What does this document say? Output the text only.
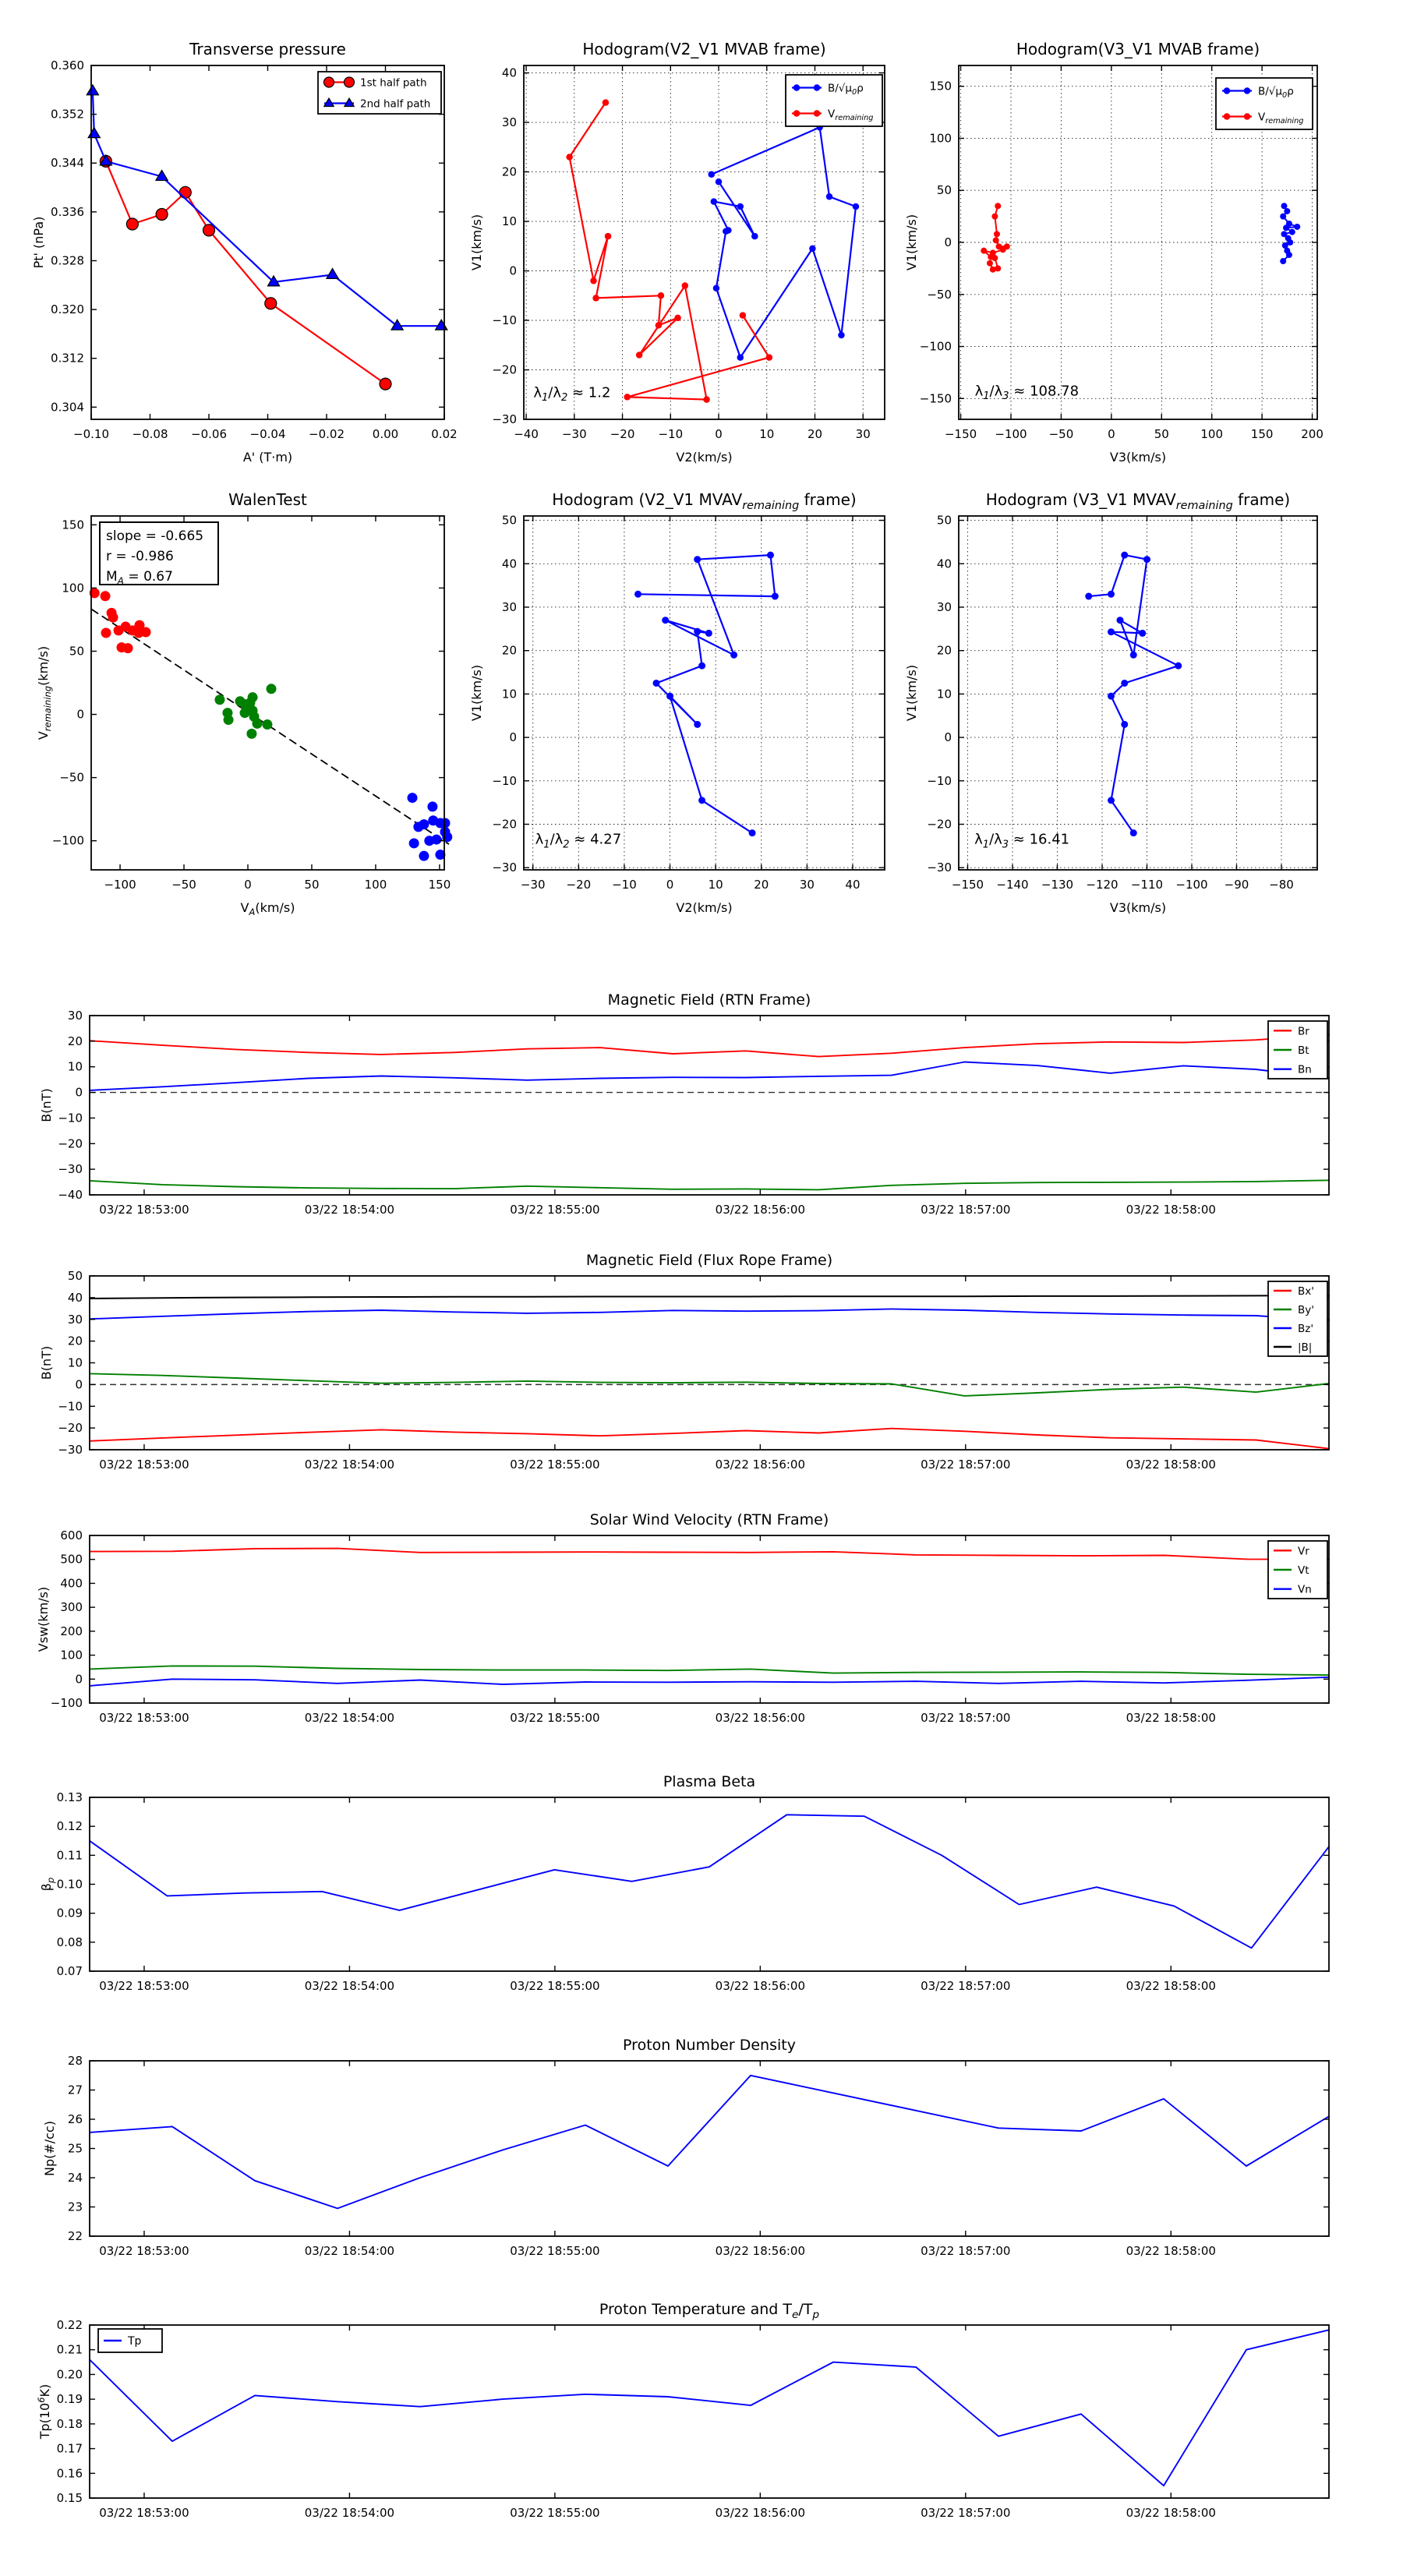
−0.10 −0.08 −0.06 −0.04 −0.02 0.00	0.02
0.304
0.312
0.320
0.328
0.336
0.344
0.352
0.360
Transverse pressure
A' (T·m)
Pt' (nPa)
1st half path
2nd half path
−40 −30 −20 −10	0	10	20	30
−30
−20
−10
0
10
20
30
40
Hodogram(V2_V1 MVAB frame)
V2(km/s)
V1(km/s)
$\lambda_1/\lambda_2 \approx 1.2$
$B/√\mu_0\rho$
$V_{remaining}$
−150 −100 −50	0	50	100 150 200
−150
−100
−50
0
50
100
150
Hodogram(V3_V1 MVAB frame)
V3(km/s)
V1(km/s)
$\lambda_1/\lambda_3 \approx 108.78$
$B/√\mu_0\rho$
$V_{remaining}$
−100	−50	0	50	100	150
−100
−50
0
50
100
150
WalenTest
$V_A(km/s)$
$V_{remaining}(km/s)$
slope = -0.665
r = -0.986
$M_A = 0.67$
−30 −20 −10	0	10	20	30	40
−30
−20
−10
0
10
20
30
40
50
Hodogram (V2_V1 $MVAV_{remaining}$ frame)
V2(km/s)
V1(km/s)
$\lambda_1/\lambda_2 \approx 4.27$
−150 −140 −130 −120 −110 −100 −90 −80
−30
−20
−10
0
10
20
30
40
50
Hodogram (V3_V1 $MVAV_{remaining}$ frame)
V3(km/s)
V1(km/s)
$\lambda_1/\lambda_3 \approx 16.41$
03/22 18:53:00	03/22 18:54:00	03/22 18:55:00	03/22 18:56:00	03/22 18:57:00	03/22 18:58:00
−40
−30
−20
−10
0
10
20
30
Magnetic Field (RTN Frame)
B(nT)
Br
Bt
Bn
03/22 18:53:00	03/22 18:54:00	03/22 18:55:00	03/22 18:56:00	03/22 18:57:00	03/22 18:58:00
−30
−20
−10
0
10
20
30
40
50
Magnetic Field (Flux Rope Frame)
B(nT)
Bx'
By'
Bz'
|B|
03/22 18:53:00	03/22 18:54:00	03/22 18:55:00	03/22 18:56:00	03/22 18:57:00	03/22 18:58:00
−100
0
100
200
300
400
500
600
Solar Wind Velocity (RTN Frame)
Vsw(km/s)
Vr
Vt
Vn
03/22 18:53:00	03/22 18:54:00	03/22 18:55:00	03/22 18:56:00	03/22 18:57:00	03/22 18:58:00
0.07
0.08
0.09
0.10
0.11
0.12
0.13
Plasma Beta
$\beta_p$
03/22 18:53:00	03/22 18:54:00	03/22 18:55:00	03/22 18:56:00	03/22 18:57:00	03/22 18:58:00
22
23
24
25
26
27
28
Proton Number Density
Np(#/cc)
03/22 18:53:00	03/22 18:54:00	03/22 18:55:00	03/22 18:56:00	03/22 18:57:00	03/22 18:58:00
0.15
0.16
0.17
0.18
0.19
0.20
0.21
0.22
Proton Temperature and $T_e/T_p$
$Tp(10^6K)$
Tp
